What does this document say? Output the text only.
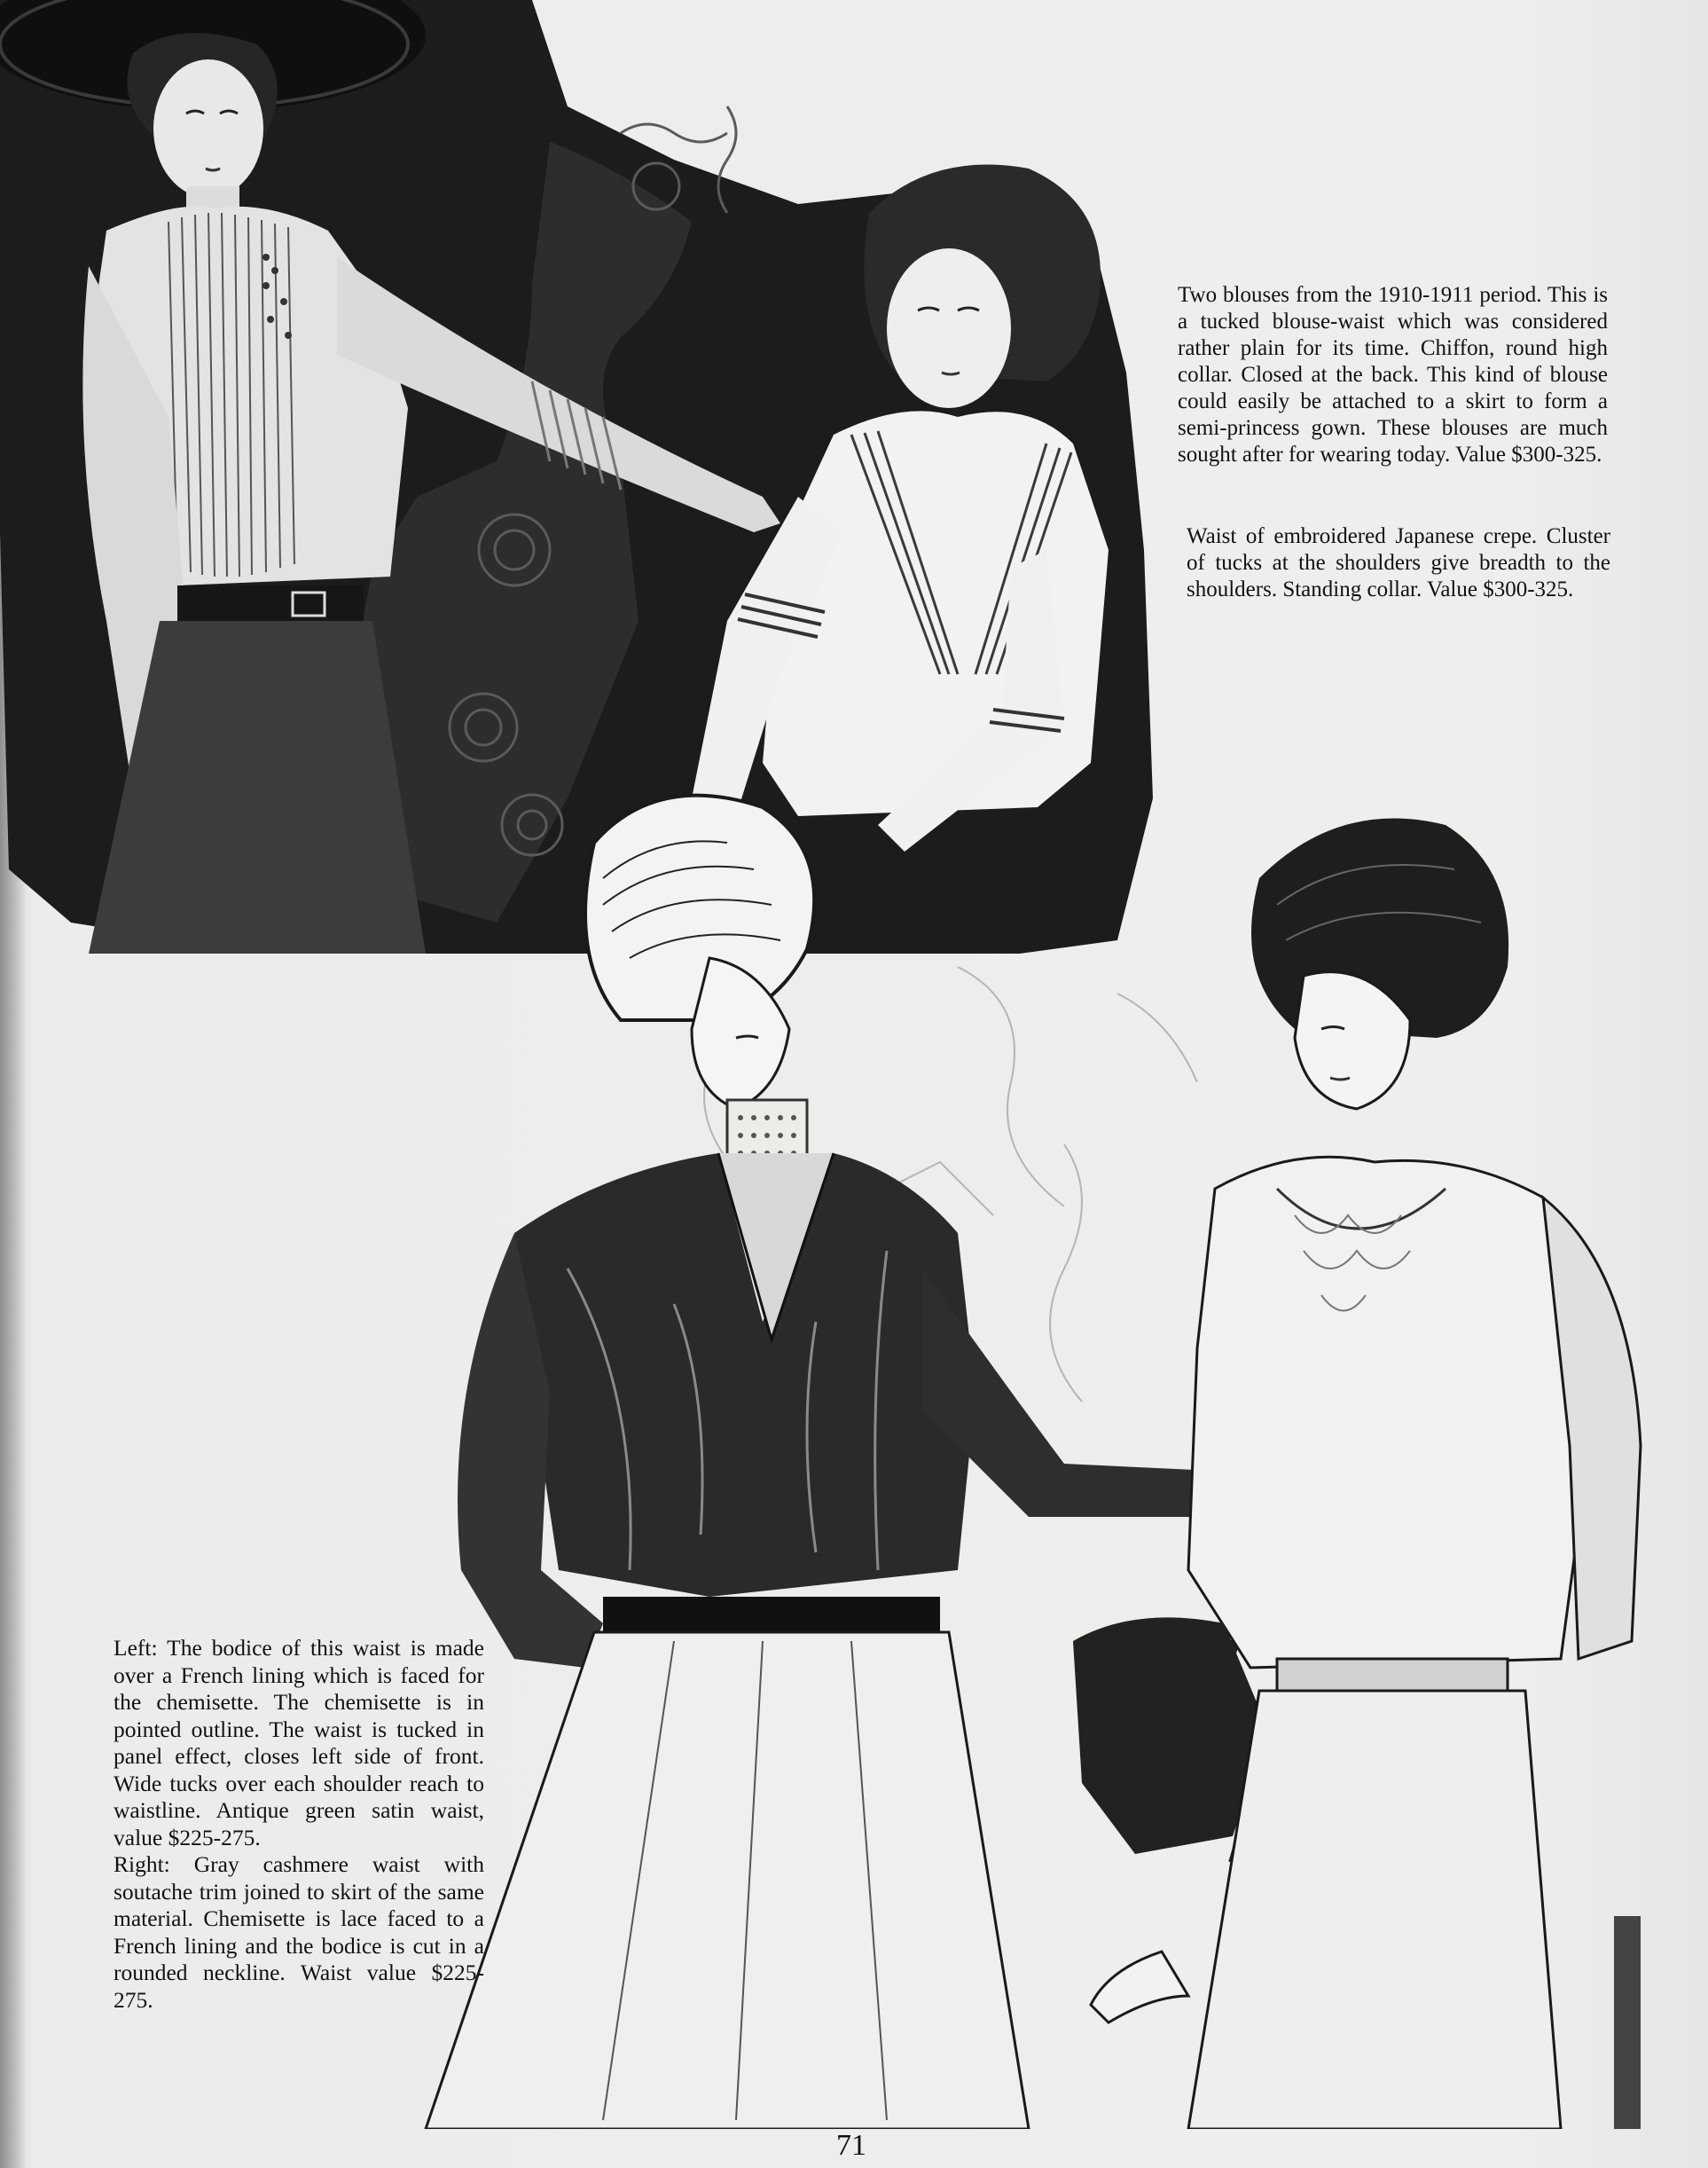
Two blouses from the 1910-1911 period. This is a tucked blouse-waist which was considered rather plain for its time. Chiffon, round high collar. Closed at the back. This kind of blouse could easily be attached to a skirt to form a semi-princess gown. These blouses are much sought after for wearing today. Value $300-325.

Waist of embroidered Japanese crepe. Cluster of tucks at the shoulders give breadth to the shoulders. Standing collar. Value $300-325.

Left: The bodice of this waist is made over a French lining which is faced for the chemisette. The chemisette is in pointed outline. The waist is tucked in panel effect, closes left side of front. Wide tucks over each shoulder reach to waistline. Antique green satin waist, value $225-275.

Right: Gray cashmere waist with soutache trim joined to skirt of the same material. Chemisette is lace faced to a French lining and the bodice is cut in a rounded neckline. Waist value $225-275.

71
